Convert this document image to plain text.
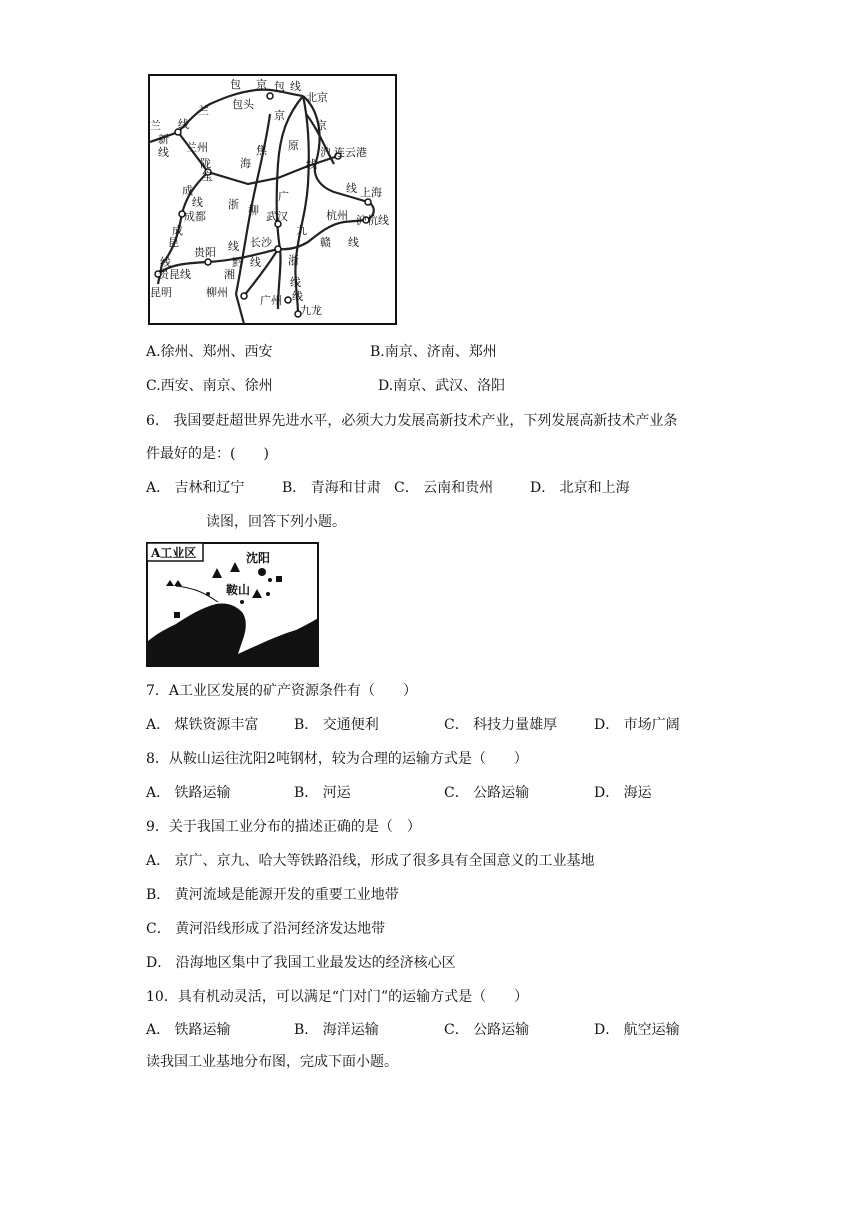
包 京 包 线
北京
包头
兰
线
兰
新
线 兰州
京
京
焦 原
陇	海
沪 连云港
线
宝
成
线 浙 柳
广
线 上海
成都
成
武汉	杭州 沪杭线
九
昆	线
贵阳
长沙	赣 线
线	黔 线 浙
贵昆线	湘
昆明	柳州
线
广州 线
九龙
A.徐州、郑州、西安	B.南京、济南、郑州
C.西安、南京、徐州	D.南京、武汉、洛阳
6． 我国要赶超世界先进水平，必须大力发展高新技术产业，下列发展高新技术产业条
件最好的是：(　　)
A． 吉林和辽宁	B． 青海和甘肃 C． 云南和贵州	D． 北京和上海
读图，回答下列小题。
A工业区	沈阳
鞍山
7．A工业区发展的矿产资源条件有（　　）
A． 煤铁资源丰富	B． 交通便利	C． 科技力量雄厚	D． 市场广阔
8．从鞍山运往沈阳2吨钢材，较为合理的运输方式是（　　）
A． 铁路运输	B． 河运	C． 公路运输	D． 海运
9．关于我国工业分布的描述正确的是（　）
A． 京广、京九、哈大等铁路沿线，形成了很多具有全国意义的工业基地
B． 黄河流域是能源开发的重要工业地带
C． 黄河沿线形成了沿河经济发达地带
D． 沿海地区集中了我国工业最发达的经济核心区
10．具有机动灵活，可以满足“门对门”的运输方式是（　　）
A． 铁路运输	B． 海洋运输	C． 公路运输	D． 航空运输
读我国工业基地分布图，完成下面小题。
